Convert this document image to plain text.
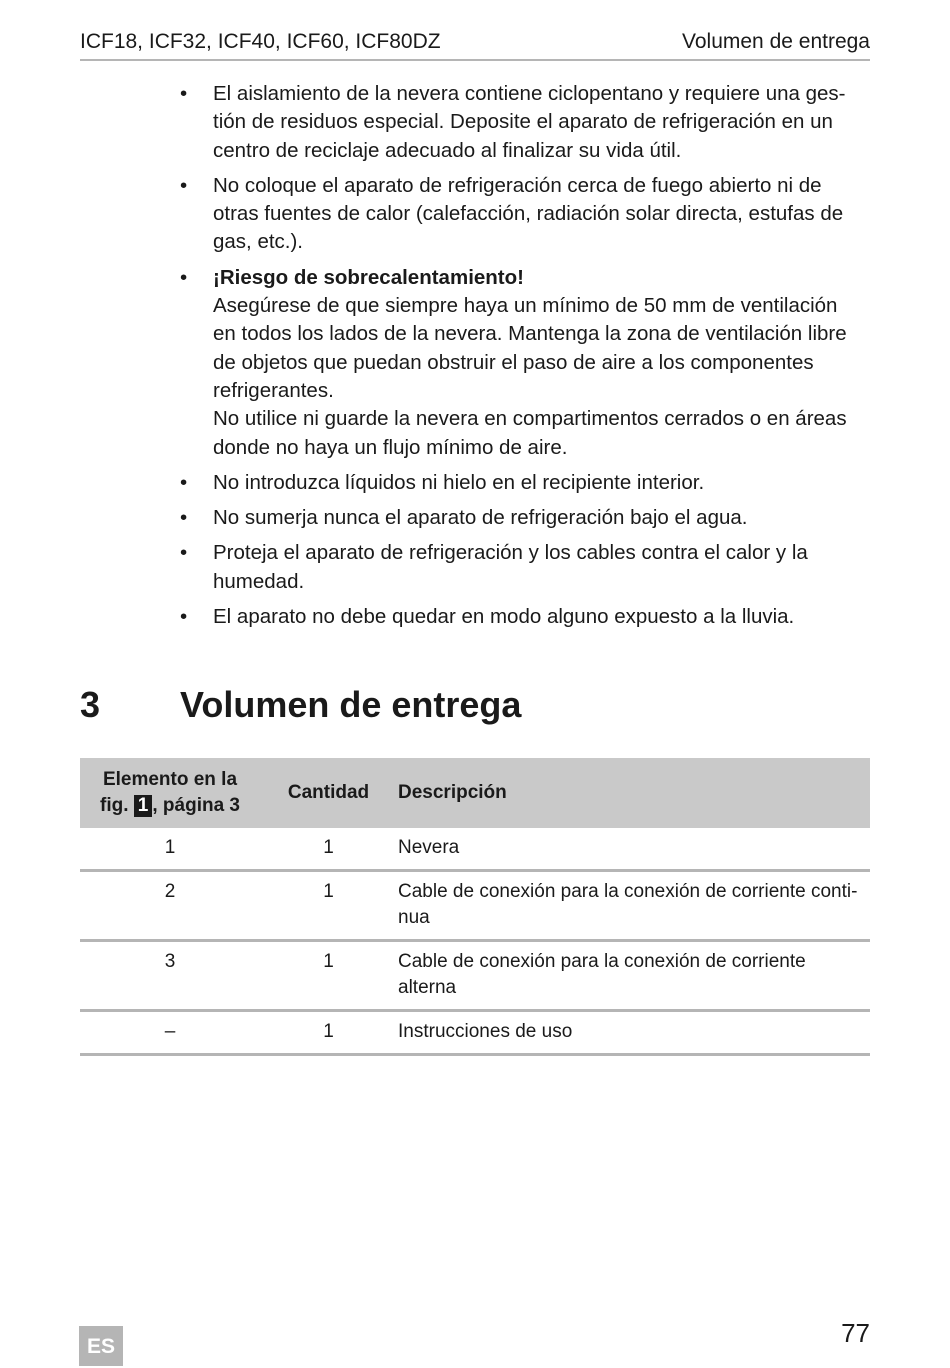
ICF18, ICF32, ICF40, ICF60, ICF80DZ	Volumen de entrega
• El aislamiento de la nevera contiene ciclopentano y requiere una ges-
tión de residuos especial. Deposite el aparato de refrigeración en un
centro de reciclaje adecuado al finalizar su vida útil.
• No coloque el aparato de refrigeración cerca de fuego abierto ni de
otras fuentes de calor (calefacción, radiación solar directa, estufas de
gas, etc.).
• ¡Riesgo de sobrecalentamiento!
Asegúrese de que siempre haya un mínimo de 50 mm de ventilación
en todos los lados de la nevera. Mantenga la zona de ventilación libre
de objetos que puedan obstruir el paso de aire a los componentes
refrigerantes.
No utilice ni guarde la nevera en compartimentos cerrados o en áreas
donde no haya un flujo mínimo de aire.
• No introduzca líquidos ni hielo en el recipiente interior.
• No sumerja nunca el aparato de refrigeración bajo el agua.
• Proteja el aparato de refrigeración y los cables contra el calor y la
humedad.
• El aparato no debe quedar en modo alguno expuesto a la lluvia.
3 Volumen de entrega
Elemento en la
fig. 1 , página 3	Cantidad	Descripción
1	1	Nevera

2	1	Cable de conexión para la conexión de corriente conti-
nua

3	1	Cable de conexión para la conexión de corriente
alterna

–	1	Instrucciones de uso
ES	77
